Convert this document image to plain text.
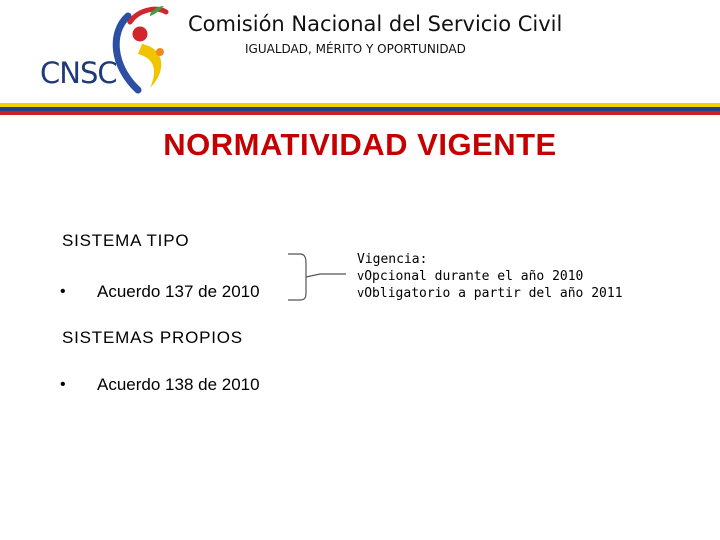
CNSC
Comisión Nacional del Servicio Civil
IGUALDAD, MÉRITO Y OPORTUNIDAD
NORMATIVIDAD VIGENTE
SISTEMA TIPO
• Acuerdo 137 de 2010
SISTEMAS PROPIOS
• Acuerdo 138 de 2010
Vigencia:
vOpcional durante el año 2010
vObligatorio a partir del año 2011
